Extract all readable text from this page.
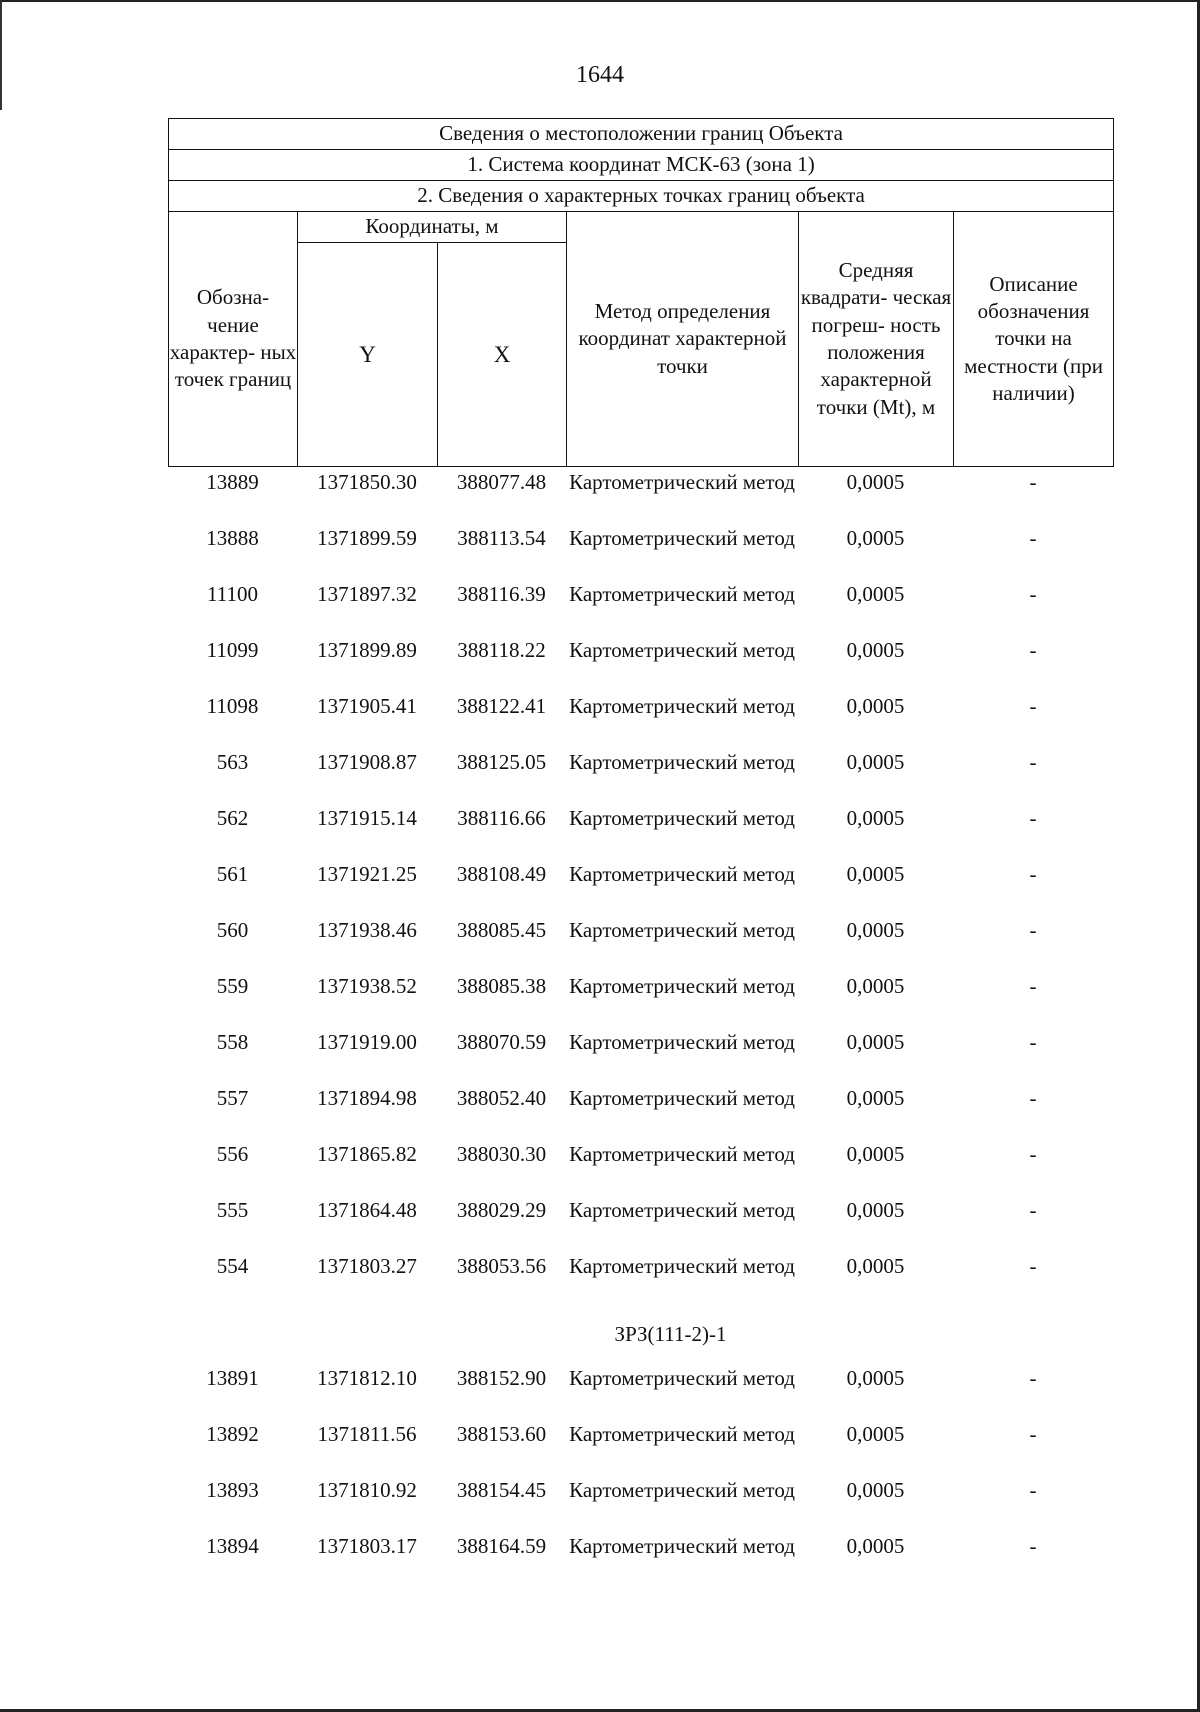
1644
Сведения о местоположении границ Объекта					
1. Система координат МСК-63 (зона 1)					
2. Сведения о характерных точках границ объекта					
Обозна- чение характер- ных точек границ	Координаты, м		Метод определения координат характерной точки	Средняя квадрати- ческая погреш- ность положения характерной точки (Mt), м	Описание обозначения точки на местности (при наличии)
	Y	X			
13889	1371850.30	388077.48	Картометрический метод	0,0005	-
13888	1371899.59	388113.54	Картометрический метод	0,0005	-
11100	1371897.32	388116.39	Картометрический метод	0,0005	-
11099	1371899.89	388118.22	Картометрический метод	0,0005	-
11098	1371905.41	388122.41	Картометрический метод	0,0005	-
563	1371908.87	388125.05	Картометрический метод	0,0005	-
562	1371915.14	388116.66	Картометрический метод	0,0005	-
561	1371921.25	388108.49	Картометрический метод	0,0005	-
560	1371938.46	388085.45	Картометрический метод	0,0005	-
559	1371938.52	388085.38	Картометрический метод	0,0005	-
558	1371919.00	388070.59	Картометрический метод	0,0005	-
557	1371894.98	388052.40	Картометрический метод	0,0005	-
556	1371865.82	388030.30	Картометрический метод	0,0005	-
555	1371864.48	388029.29	Картометрический метод	0,0005	-
554	1371803.27	388053.56	Картометрический метод	0,0005	-
ЗРЗ(111-2)-1
13891	1371812.10	388152.90	Картометрический метод	0,0005	-
13892	1371811.56	388153.60	Картометрический метод	0,0005	-
13893	1371810.92	388154.45	Картометрический метод	0,0005	-
13894	1371803.17	388164.59	Картометрический метод	0,0005	-
